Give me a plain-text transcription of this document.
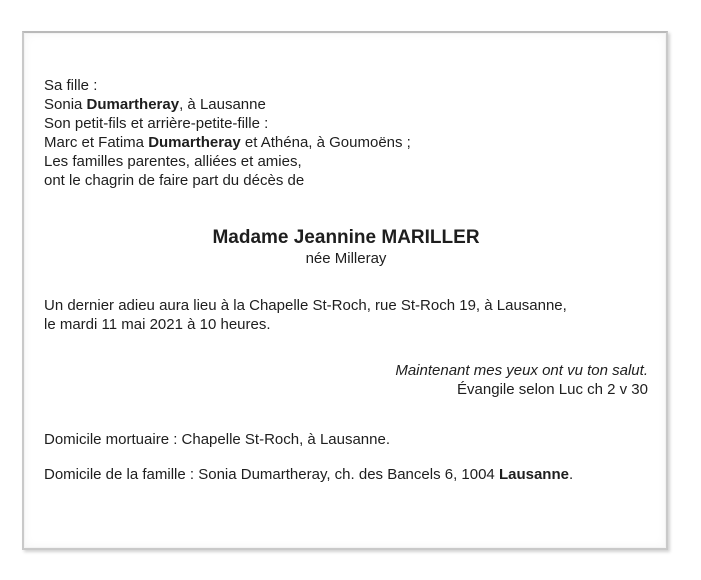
Sa fille :
Sonia Dumartheray, à Lausanne
Son petit-fils et arrière-petite-fille :
Marc et Fatima Dumartheray et Athéna, à Goumoëns ;
Les familles parentes, alliées et amies,
ont le chagrin de faire part du décès de
Madame Jeannine MARILLER
née Milleray
Un dernier adieu aura lieu à la Chapelle St-Roch, rue St-Roch 19, à Lausanne,
le mardi 11 mai 2021 à 10 heures.
Maintenant mes yeux ont vu ton salut.
Évangile selon Luc ch 2 v 30
Domicile mortuaire : Chapelle St-Roch, à Lausanne.
Domicile de la famille : Sonia Dumartheray, ch. des Bancels 6, 1004 Lausanne.
